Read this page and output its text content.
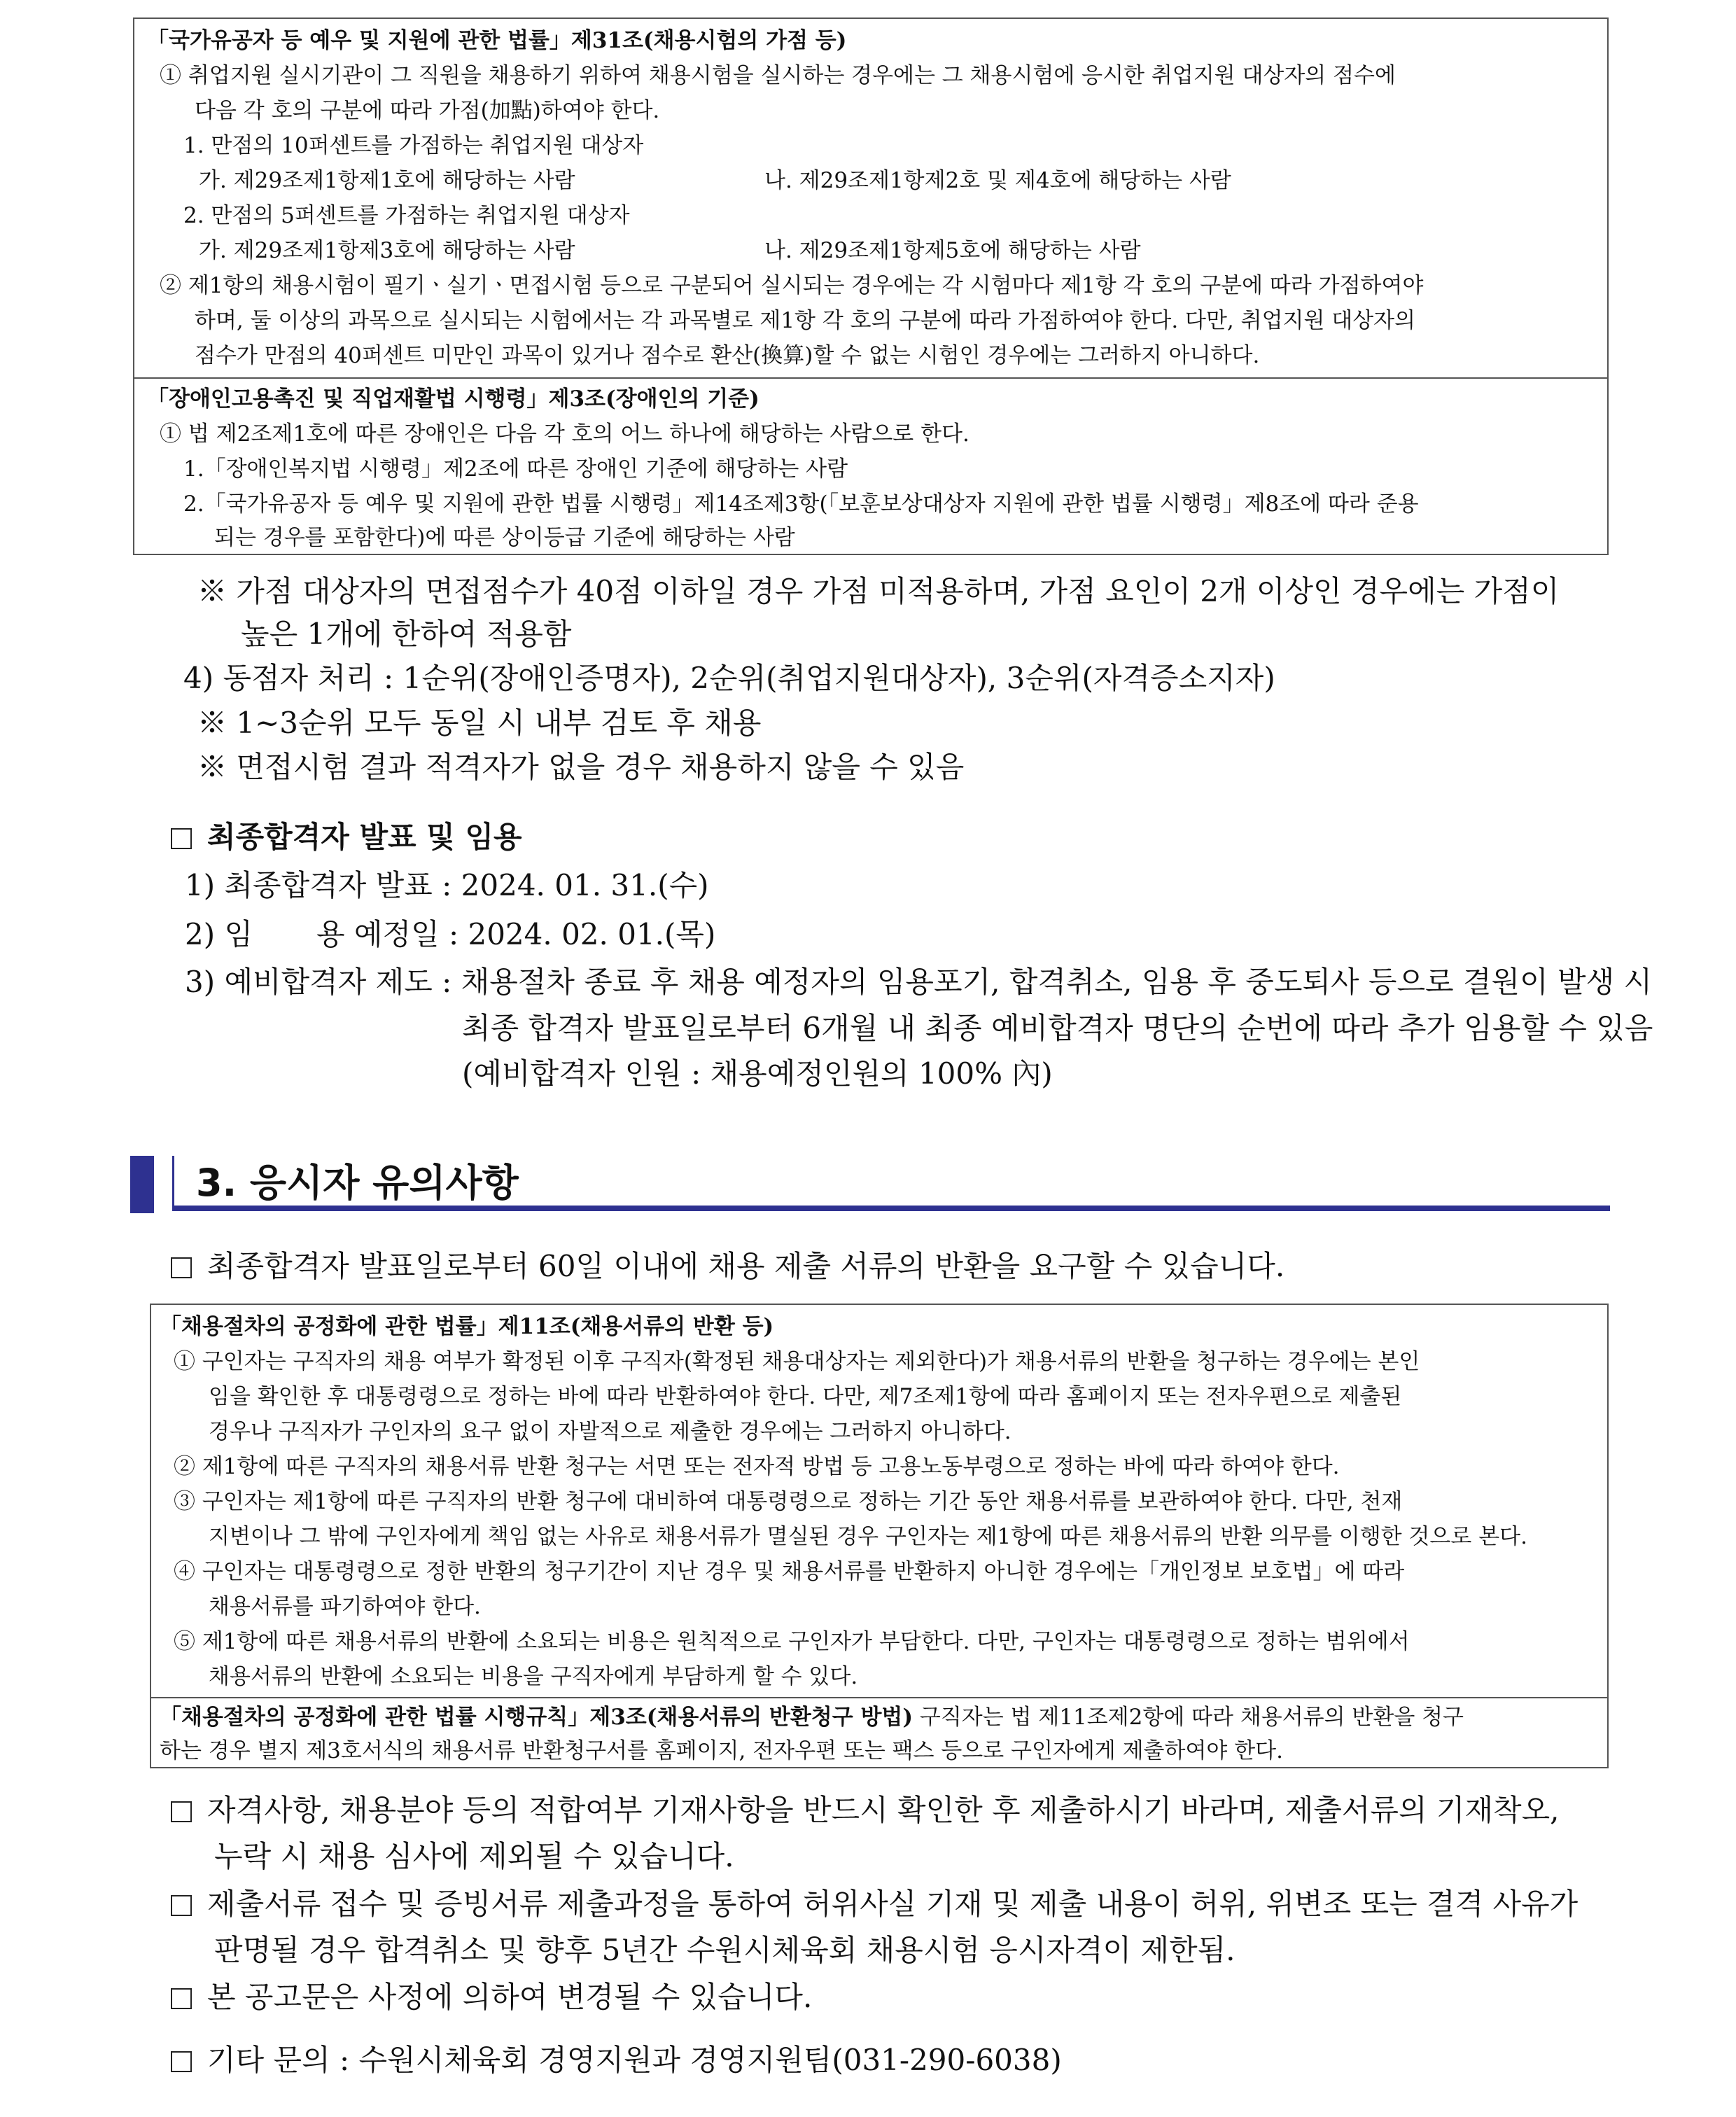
「국가유공자 등 예우 및 지원에 관한 법률」제31조(채용시험의 가점 등)
① 취업지원 실시기관이 그 직원을 채용하기 위하여 채용시험을 실시하는 경우에는 그 채용시험에 응시한 취업지원 대상자의 점수에
다음 각 호의 구분에 따라 가점(加點)하여야 한다.
1. 만점의 10퍼센트를 가점하는 취업지원 대상자
가. 제29조제1항제1호에 해당하는 사람	나. 제29조제1항제2호 및 제4호에 해당하는 사람
2. 만점의 5퍼센트를 가점하는 취업지원 대상자
가. 제29조제1항제3호에 해당하는 사람	나. 제29조제1항제5호에 해당하는 사람
② 제1항의 채용시험이 필기ㆍ실기ㆍ면접시험 등으로 구분되어 실시되는 경우에는 각 시험마다 제1항 각 호의 구분에 따라 가점하여야
하며, 둘 이상의 과목으로 실시되는 시험에서는 각 과목별로 제1항 각 호의 구분에 따라 가점하여야 한다. 다만, 취업지원 대상자의
점수가 만점의 40퍼센트 미만인 과목이 있거나 점수로 환산(換算)할 수 없는 시험인 경우에는 그러하지 아니하다.
「장애인고용촉진 및 직업재활법 시행령」제3조(장애인의 기준)
① 법 제2조제1호에 따른 장애인은 다음 각 호의 어느 하나에 해당하는 사람으로 한다.
1.「장애인복지법 시행령」제2조에 따른 장애인 기준에 해당하는 사람
2.「국가유공자 등 예우 및 지원에 관한 법률 시행령」제14조제3항(「보훈보상대상자 지원에 관한 법률 시행령」제8조에 따라 준용
되는 경우를 포함한다)에 따른 상이등급 기준에 해당하는 사람
※ 가점 대상자의 면접점수가 40점 이하일 경우 가점 미적용하며, 가점 요인이 2개 이상인 경우에는 가점이
높은 1개에 한하여 적용함
4) 동점자 처리 : 1순위(장애인증명자), 2순위(취업지원대상자), 3순위(자격증소지자)
※ 1~3순위 모두 동일 시 내부 검토 후 채용
※ 면접시험 결과 적격자가 없을 경우 채용하지 않을 수 있음
최종합격자 발표 및 임용
1) 최종합격자 발표 : 2024. 01. 31.(수)
2) 임 용 예정일 : 2024. 02. 01.(목)
3) 예비합격자 제도 : 채용절차 종료 후 채용 예정자의 임용포기, 합격취소, 임용 후 중도퇴사 등으로 결원이 발생 시
최종 합격자 발표일로부터 6개월 내 최종 예비합격자 명단의 순번에 따라 추가 임용할 수 있음
(예비합격자 인원 : 채용예정인원의 100% 內)
3. 응시자 유의사항
최종합격자 발표일로부터 60일 이내에 채용 제출 서류의 반환을 요구할 수 있습니다.
「채용절차의 공정화에 관한 법률」제11조(채용서류의 반환 등)
① 구인자는 구직자의 채용 여부가 확정된 이후 구직자(확정된 채용대상자는 제외한다)가 채용서류의 반환을 청구하는 경우에는 본인
임을 확인한 후 대통령령으로 정하는 바에 따라 반환하여야 한다. 다만, 제7조제1항에 따라 홈페이지 또는 전자우편으로 제출된
경우나 구직자가 구인자의 요구 없이 자발적으로 제출한 경우에는 그러하지 아니하다.
② 제1항에 따른 구직자의 채용서류 반환 청구는 서면 또는 전자적 방법 등 고용노동부령으로 정하는 바에 따라 하여야 한다.
③ 구인자는 제1항에 따른 구직자의 반환 청구에 대비하여 대통령령으로 정하는 기간 동안 채용서류를 보관하여야 한다. 다만, 천재
지변이나 그 밖에 구인자에게 책임 없는 사유로 채용서류가 멸실된 경우 구인자는 제1항에 따른 채용서류의 반환 의무를 이행한 것으로 본다.
④ 구인자는 대통령령으로 정한 반환의 청구기간이 지난 경우 및 채용서류를 반환하지 아니한 경우에는「개인정보 보호법」에 따라
채용서류를 파기하여야 한다.
⑤ 제1항에 따른 채용서류의 반환에 소요되는 비용은 원칙적으로 구인자가 부담한다. 다만, 구인자는 대통령령으로 정하는 범위에서
채용서류의 반환에 소요되는 비용을 구직자에게 부담하게 할 수 있다.
「채용절차의 공정화에 관한 법률 시행규칙」제3조(채용서류의 반환청구 방법) 구직자는 법 제11조제2항에 따라 채용서류의 반환을 청구
하는 경우 별지 제3호서식의 채용서류 반환청구서를 홈페이지, 전자우편 또는 팩스 등으로 구인자에게 제출하여야 한다.
자격사항, 채용분야 등의 적합여부 기재사항을 반드시 확인한 후 제출하시기 바라며, 제출서류의 기재착오,
누락 시 채용 심사에 제외될 수 있습니다.
제출서류 접수 및 증빙서류 제출과정을 통하여 허위사실 기재 및 제출 내용이 허위, 위변조 또는 결격 사유가
판명될 경우 합격취소 및 향후 5년간 수원시체육회 채용시험 응시자격이 제한됨.
본 공고문은 사정에 의하여 변경될 수 있습니다.
기타 문의 : 수원시체육회 경영지원과 경영지원팀(031-290-6038)
